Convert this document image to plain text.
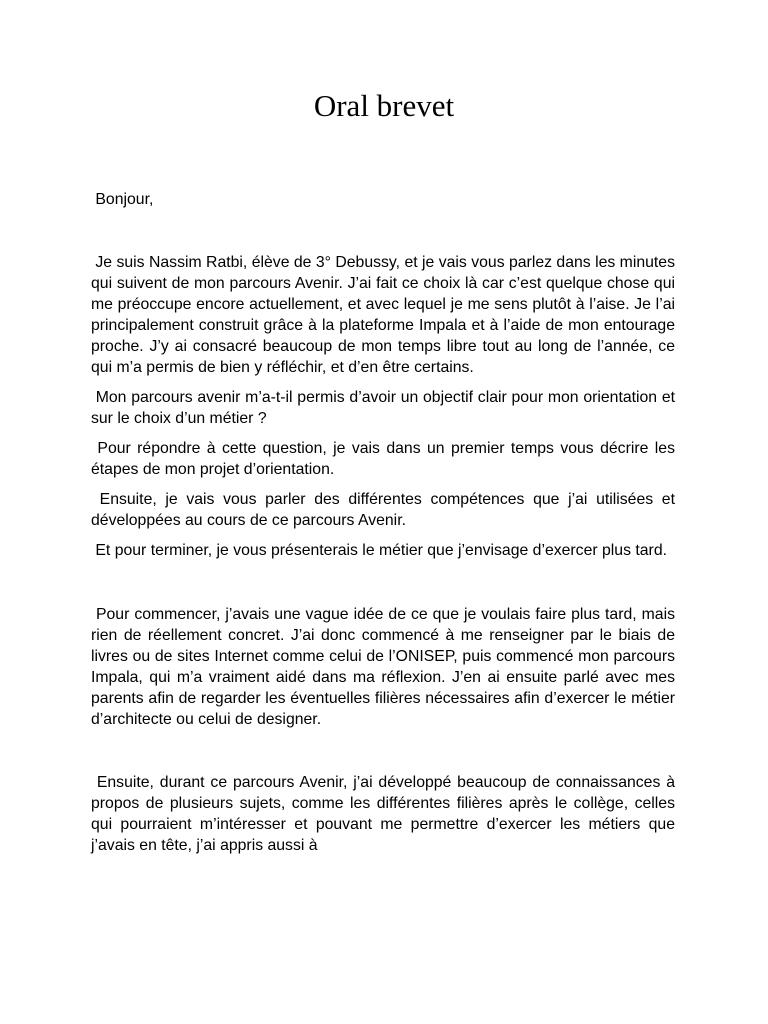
Oral brevet

Bonjour,

Je suis Nassim Ratbi, élève de 3° Debussy, et je vais vous parlez dans les minutes qui suivent de mon parcours Avenir. J’ai fait ce choix là car c’est quelque chose qui me préoccupe encore actuellement, et avec lequel je me sens plutôt à l’aise. Je l’ai principalement construit grâce à la plateforme Impala et à l’aide de mon entourage proche. J’y ai consacré beaucoup de mon temps libre tout au long de l’année, ce qui m’a permis de bien y réfléchir, et d’en être certains.

Mon parcours avenir m’a-t-il permis d’avoir un objectif clair pour mon orientation et sur le choix d’un métier ?

Pour répondre à cette question, je vais dans un premier temps vous décrire les étapes de mon projet d’orientation.

Ensuite, je vais vous parler des différentes compétences que j’ai utilisées et développées au cours de ce parcours Avenir.

Et pour terminer, je vous présenterais le métier que j’envisage d’exercer plus tard.

Pour commencer, j’avais une vague idée de ce que je voulais faire plus tard, mais rien de réellement concret. J’ai donc commencé à me renseigner par le biais de livres ou de sites Internet comme celui de l’ONISEP, puis commencé mon parcours Impala, qui m’a vraiment aidé dans ma réflexion. J’en ai ensuite parlé avec mes parents afin de regarder les éventuelles filières nécessaires afin d’exercer le métier d’architecte ou celui de designer.

Ensuite, durant ce parcours Avenir, j’ai développé beaucoup de connaissances à propos de plusieurs sujets, comme les différentes filières après le collège, celles qui pourraient m’intéresser et pouvant me permettre d’exercer les métiers que j’avais en tête, j’ai appris aussi à
